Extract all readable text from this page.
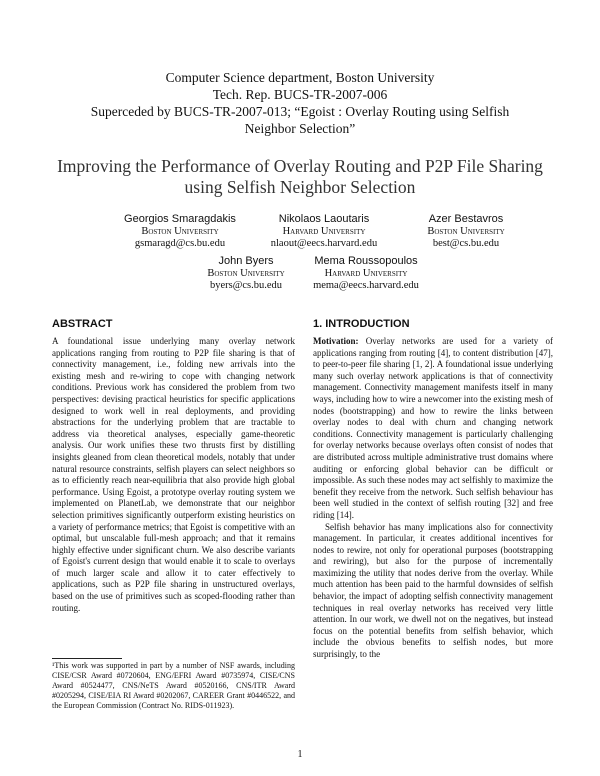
Computer Science department, Boston University
Tech. Rep. BUCS-TR-2007-006
Superceded by BUCS-TR-2007-013; “Egoist : Overlay Routing using Selfish
Neighbor Selection”
Improving the Performance of Overlay Routing and P2P File Sharing
using Selfish Neighbor Selection
Georgios Smaragdakis
Boston University
gsmaragd@cs.bu.edu
Nikolaos Laoutaris
Harvard University
nlaout@eecs.harvard.edu
Azer Bestavros
Boston University
best@cs.bu.edu
John Byers
Boston University
byers@cs.bu.edu
Mema Roussopoulos
Harvard University
mema@eecs.harvard.edu
ABSTRACT	1. INTRODUCTION

A foundational issue underlying many overlay network applications ranging from routing to P2P file sharing is that of connectivity management, i.e., folding new arrivals into the existing mesh and re-wiring to cope with changing network conditions. Previous work has considered the problem from two perspectives: devising practical heuristics for specific applications designed to work well in real deployments, and providing abstractions for the underlying problem that are tractable to address via theoretical analyses, especially game-theoretic analysis. Our work unifies these two thrusts first by distilling insights gleaned from clean theoretical models, notably that under natural resource constraints, selfish players can select neighbors so as to efficiently reach near-equilibria that also provide high global performance. Using Egoist, a prototype overlay routing system we implemented on PlanetLab, we demonstrate that our neighbor selection primitives significantly outperform existing heuristics on a variety of performance metrics; that Egoist is competitive with an optimal, but unscalable full-mesh approach; and that it remains highly effective under significant churn. We also describe variants of Egoist's current design that would enable it to scale to overlays of much larger scale and allow it to cater effectively to applications, such as P2P file sharing in unstructured overlays, based on the use of primitives such as scoped-flooding rather than routing.

¹This work was supported in part by a number of NSF awards, including CISE/CSR Award #0720604, ENG/EFRI Award #0735974, CISE/CNS Award #0524477, CNS/NeTS Award #0520166, CNS/ITR Award #0205294, CISE/EIA RI Award #0202067, CAREER Grant #0446522, and the European Commission (Contract No. RIDS-011923).

Motivation: Overlay networks are used for a variety of applications ranging from routing [4], to content distribution [47], to peer-to-peer file sharing [1, 2]. A foundational issue underlying many such overlay network applications is that of connectivity management. Connectivity management manifests itself in many ways, including how to wire a newcomer into the existing mesh of nodes (bootstrapping) and how to rewire the links between overlay nodes to deal with churn and changing network conditions. Connectivity management is particularly challenging for overlay networks because overlays often consist of nodes that are distributed across multiple administrative trust domains where auditing or enforcing global behavior can be difficult or impossible. As such these nodes may act selfishly to maximize the benefit they receive from the network. Such selfish behaviour has been well studied in the context of selfish routing [32] and free riding [14].

Selfish behavior has many implications also for connectivity management. In particular, it creates additional incentives for nodes to rewire, not only for operational purposes (bootstrapping and rewiring), but also for the purpose of incrementally maximizing the utility that nodes derive from the overlay. While much attention has been paid to the harmful downsides of selfish behavior, the impact of adopting selfish connectivity management techniques in real overlay networks has received very little attention. In our work, we dwell not on the negatives, but instead focus on the potential benefits from selfish behavior, which include the obvious benefits to selfish nodes, but more surprisingly, to the

1
